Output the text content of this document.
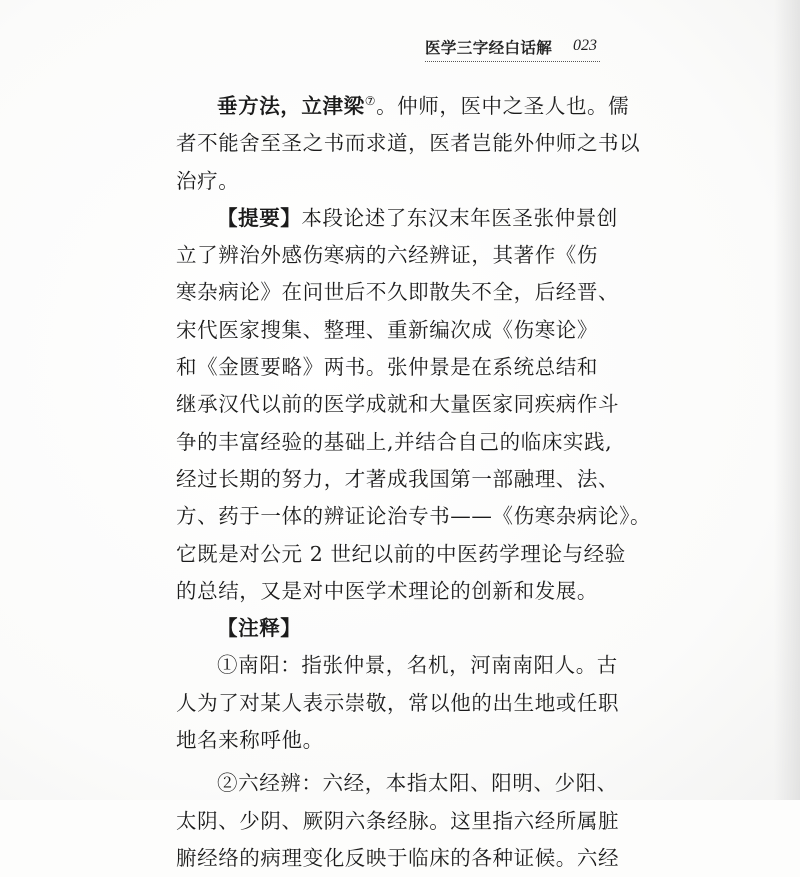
医学三字经白话解 023
垂方法，立津梁⑦。仲师，医中之圣人也。儒
者不能舍至圣之书而求道，医者岂能外仲师之书以
治疗。
【提要】本段论述了东汉末年医圣张仲景创
立了辨治外感伤寒病的六经辨证，其著作《伤
寒杂病论》在问世后不久即散失不全，后经晋、
宋代医家搜集、整理、重新编次成《伤寒论》
和《金匮要略》两书。张仲景是在系统总结和
继承汉代以前的医学成就和大量医家同疾病作斗
争的丰富经验的基础上,并结合自己的临床实践,
经过长期的努力，才著成我国第一部融理、法、
方、药于一体的辨证论治专书——《伤寒杂病论》。
它既是对公元 2 世纪以前的中医药学理论与经验
的总结，又是对中医学术理论的创新和发展。
【注释】
①南阳：指张仲景，名机，河南南阳人。古
人为了对某人表示崇敬，常以他的出生地或任职
地名来称呼他。
②六经辨：六经，本指太阳、阳明、少阳、
太阴、少阴、厥阴六条经脉。这里指六经所属脏
腑经络的病理变化反映于临床的各种证候。六经
